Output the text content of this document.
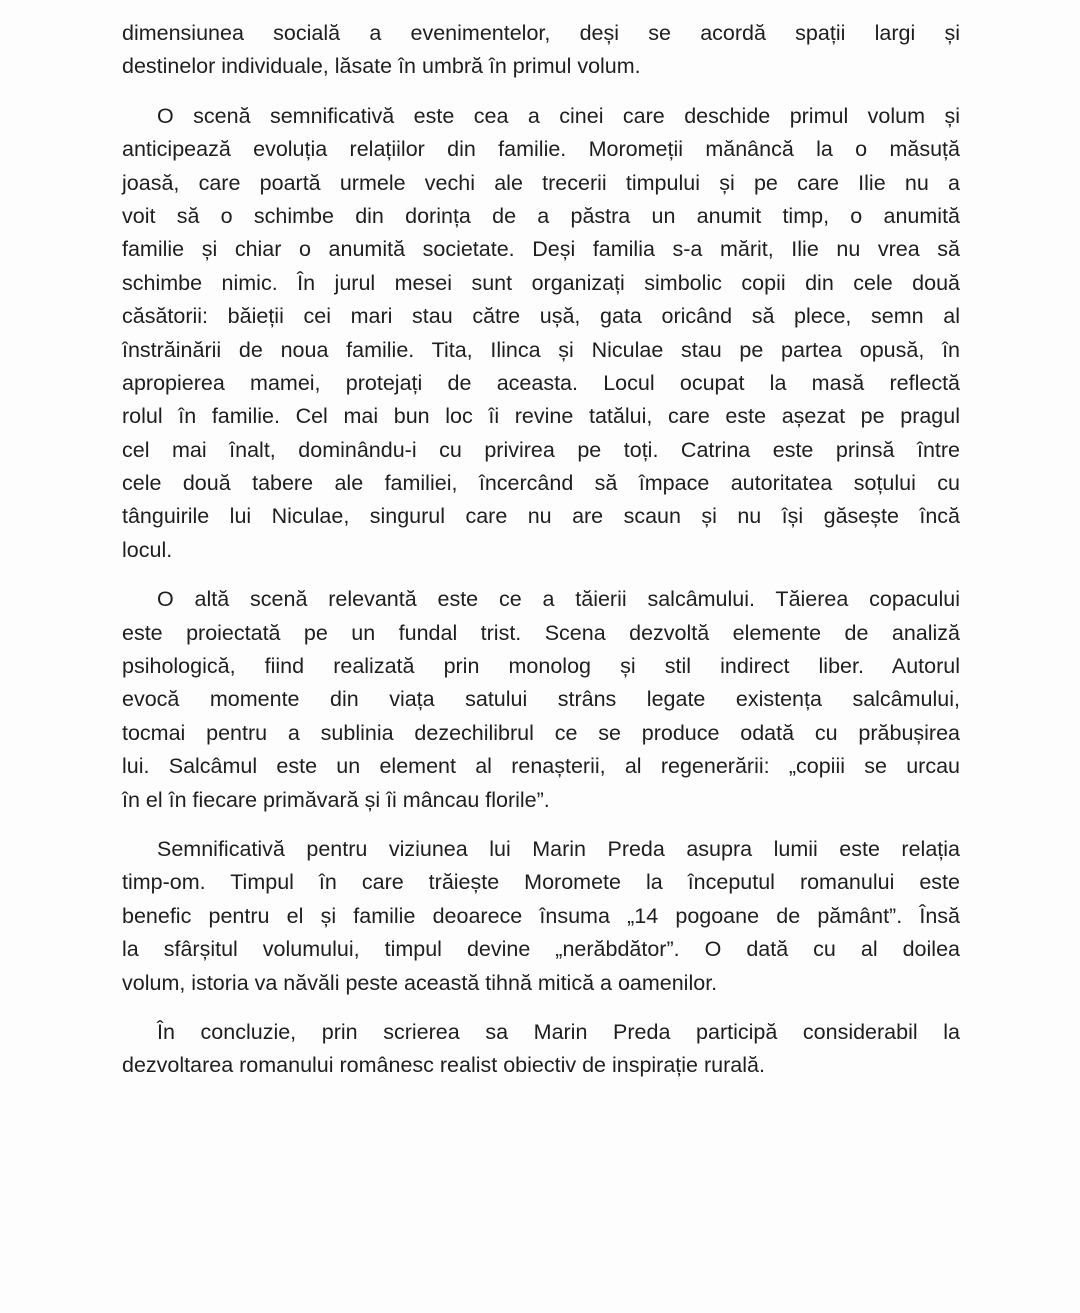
dimensiunea socială a evenimentelor, deși se acordă spații largi și
destinelor individuale, lăsate în umbră în primul volum.
O scenă semnificativă este cea a cinei care deschide primul volum și
anticipează evoluția relațiilor din familie. Moromeții mănâncă la o măsuță
joasă, care poartă urmele vechi ale trecerii timpului și pe care Ilie nu a
voit să o schimbe din dorința de a păstra un anumit timp, o anumită
familie și chiar o anumită societate. Deși familia s-a mărit, Ilie nu vrea să
schimbe nimic. În jurul mesei sunt organizați simbolic copii din cele două
căsătorii: băieții cei mari stau către ușă, gata oricând să plece, semn al
înstrăinării de noua familie. Tita, Ilinca și Niculae stau pe partea opusă, în
apropierea mamei, protejați de aceasta. Locul ocupat la masă reflectă
rolul în familie. Cel mai bun loc îi revine tatălui, care este așezat pe pragul
cel mai înalt, dominându-i cu privirea pe toți. Catrina este prinsă între
cele două tabere ale familiei, încercând să împace autoritatea soțului cu
tânguirile lui Niculae, singurul care nu are scaun și nu își găsește încă
locul.
O altă scenă relevantă este ce a tăierii salcâmului. Tăierea copacului
este proiectată pe un fundal trist. Scena dezvoltă elemente de analiză
psihologică, fiind realizată prin monolog și stil indirect liber. Autorul
evocă momente din viața satului strâns legate existența salcâmului,
tocmai pentru a sublinia dezechilibrul ce se produce odată cu prăbușirea
lui. Salcâmul este un element al renașterii, al regenerării: „copiii se urcau
în el în fiecare primăvară și îi mâncau florile”.
Semnificativă pentru viziunea lui Marin Preda asupra lumii este relația
timp-om. Timpul în care trăiește Moromete la începutul romanului este
benefic pentru el și familie deoarece însuma „14 pogoane de pământ”. Însă
la sfârșitul volumului, timpul devine „nerăbdător”. O dată cu al doilea
volum, istoria va năvăli peste această tihnă mitică a oamenilor.
În concluzie, prin scrierea sa Marin Preda participă considerabil la
dezvoltarea romanului românesc realist obiectiv de inspirație rurală.
